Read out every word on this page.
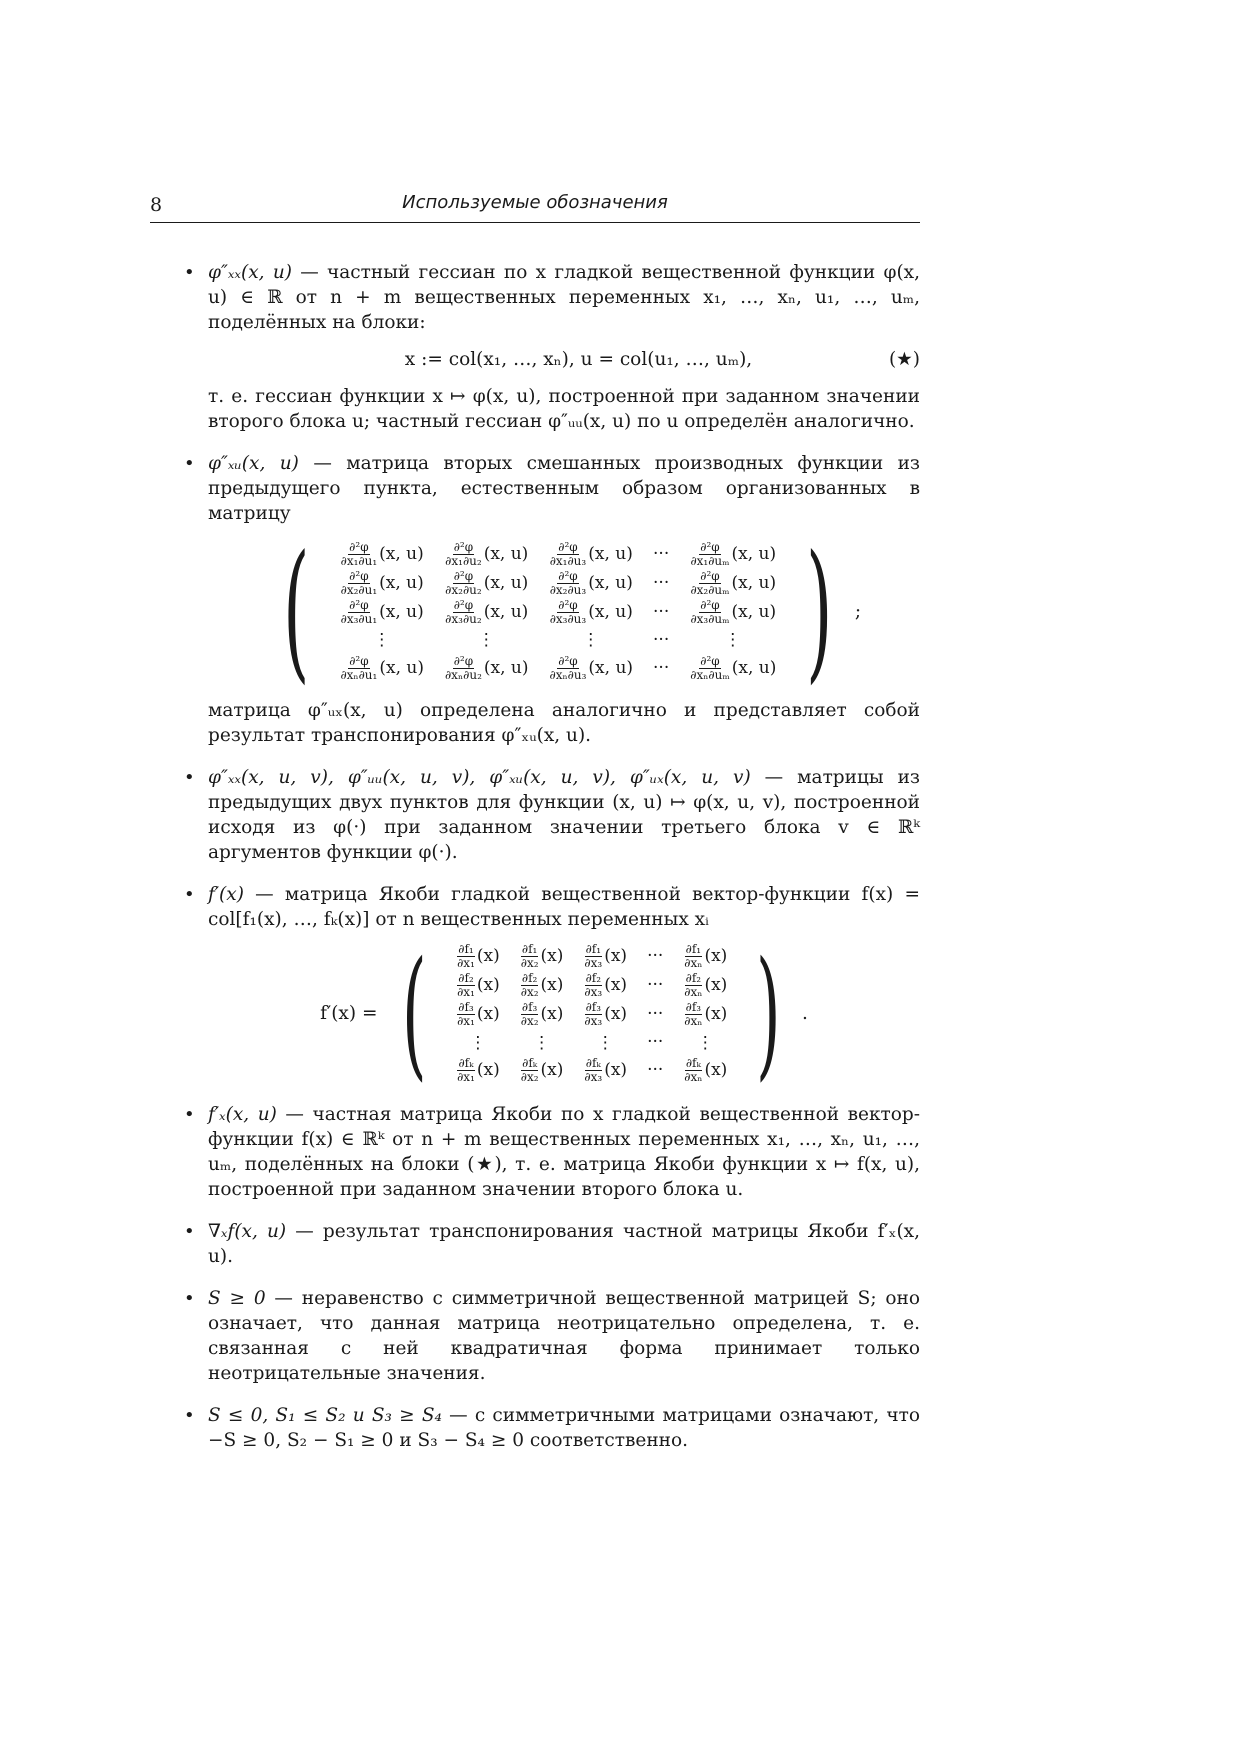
8	Используемые обозначения

• φ″ₓₓ(x, u) — частный гессиан по x гладкой вещественной функции φ(x, u) ∈ ℝ от n + m вещественных переменных x₁, …, xₙ, u₁, …, uₘ, поделённых на блоки:

x := col(x₁, …, xₙ), u = col(u₁, …, uₘ),	(★)

т. е. гессиан функции x ↦ φ(x, u), построенной при заданном значении второго блока u; частный гессиан φ″ᵤᵤ(x, u) по u определён аналогично.

• φ″ₓᵤ(x, u) — матрица вторых смешанных производных функции из предыдущего пункта, естественным образом организованных в матрицу

(	$\frac{\text{∂²φ}}{\text{∂x₁∂u₁}} (x$, u)	$\frac{\text{∂²φ}}{\text{∂x₁∂u₂}} (x$, u)	$\frac{\text{∂²φ}}{\text{∂x₁∂u₃}} (x$, u)	···	$\frac{\text{∂²φ}}{\text{∂x₁∂uₘ}} (x$, u)

$\frac{\text{∂²φ}}{\text{∂x₂∂u₁}} (x$, u)	$\frac{\text{∂²φ}}{\text{∂x₂∂u₂}} (x$, u)	$\frac{\text{∂²φ}}{\text{∂x₂∂u₃}} (x$, u)	···	$\frac{\text{∂²φ}}{\text{∂x₂∂uₘ}} (x$, u)

$\frac{\text{∂²φ}}{\text{∂x₃∂u₁}} (x$, u)	$\frac{\text{∂²φ}}{\text{∂x₃∂u₂}} (x$, u)	$\frac{\text{∂²φ}}{\text{∂x₃∂u₃}} (x$, u)	···	$\frac{\text{∂²φ}}{\text{∂x₃∂uₘ}} (x$, u)
⋮	⋮	⋮	···	⋮

$\frac{\text{∂²φ}}{\text{∂xₙ∂u₁}} (x$, u)	$\frac{\text{∂²φ}}{\text{∂xₙ∂u₂}} (x$, u)	$\frac{\text{∂²φ}}{\text{∂xₙ∂u₃}} (x$, u)	···	$\frac{\text{∂²φ}}{\text{∂xₙ∂uₘ}} (x$, u) ) ;

матрица φ″ᵤₓ(x, u) определена аналогично и представляет собой результат транспонирования φ″ₓᵤ(x, u).

• φ″ₓₓ(x, u, v), φ″ᵤᵤ(x, u, v), φ″ₓᵤ(x, u, v), φ″ᵤₓ(x, u, v) — матрицы из предыдущих двух пунктов для функции (x, u) ↦ φ(x, u, v), построенной исходя из φ(·) при заданном значении третьего блока v ∈ ℝᵏ аргументов функции φ(·).

• f′(x) — матрица Якоби гладкой вещественной вектор-функции f(x) = col[f₁(x), …, fₖ(x)] от n вещественных переменных xᵢ

f′(x) = ( $\frac{\text{∂f₁}}{\text{∂x₁}} (x)$	$\frac{\text{∂f₁}}{\text{∂x₂}} (x)$	$\frac{\text{∂f₁}}{\text{∂x₃}} (x)$	···	$\frac{\text{∂f₁}}{\text{∂xₙ}} (x)$

$\frac{\text{∂f₂}}{\text{∂x₁}} (x)$	$\frac{\text{∂f₂}}{\text{∂x₂}} (x)$	$\frac{\text{∂f₂}}{\text{∂x₃}} (x)$	···	$\frac{\text{∂f₂}}{\text{∂xₙ}} (x)$

$\frac{\text{∂f₃}}{\text{∂x₁}} (x)$	$\frac{\text{∂f₃}}{\text{∂x₂}} (x)$	$\frac{\text{∂f₃}}{\text{∂x₃}} (x)$	···	$\frac{\text{∂f₃}}{\text{∂xₙ}} (x)$
⋮	⋮	⋮	···	⋮

$\frac{\text{∂fₖ}}{\text{∂x₁}} (x)$	$\frac{\text{∂fₖ}}{\text{∂x₂}} (x)$	$\frac{\text{∂fₖ}}{\text{∂x₃}} (x)$	···	$\frac{\text{∂fₖ}}{\text{∂xₙ}} (x)$ ) .

• f′ₓ(x, u) — частная матрица Якоби по x гладкой вещественной вектор-функции f(x) ∈ ℝᵏ от n + m вещественных переменных x₁, …, xₙ, u₁, …, uₘ, поделённых на блоки (★), т. е. матрица Якоби функции x ↦ f(x, u), построенной при заданном значении второго блока u.

• ∇ₓf(x, u) — результат транспонирования частной матрицы Якоби f′ₓ(x, u).

• S ≥ 0 — неравенство с симметричной вещественной матрицей S; оно означает, что данная матрица неотрицательно определена, т. е. связанная с ней квадратичная форма принимает только неотрицательные значения.

• S ≤ 0, S₁ ≤ S₂ и S₃ ≥ S₄ — с симметричными матрицами означают, что −S ≥ 0, S₂ − S₁ ≥ 0 и S₃ − S₄ ≥ 0 соответственно.
